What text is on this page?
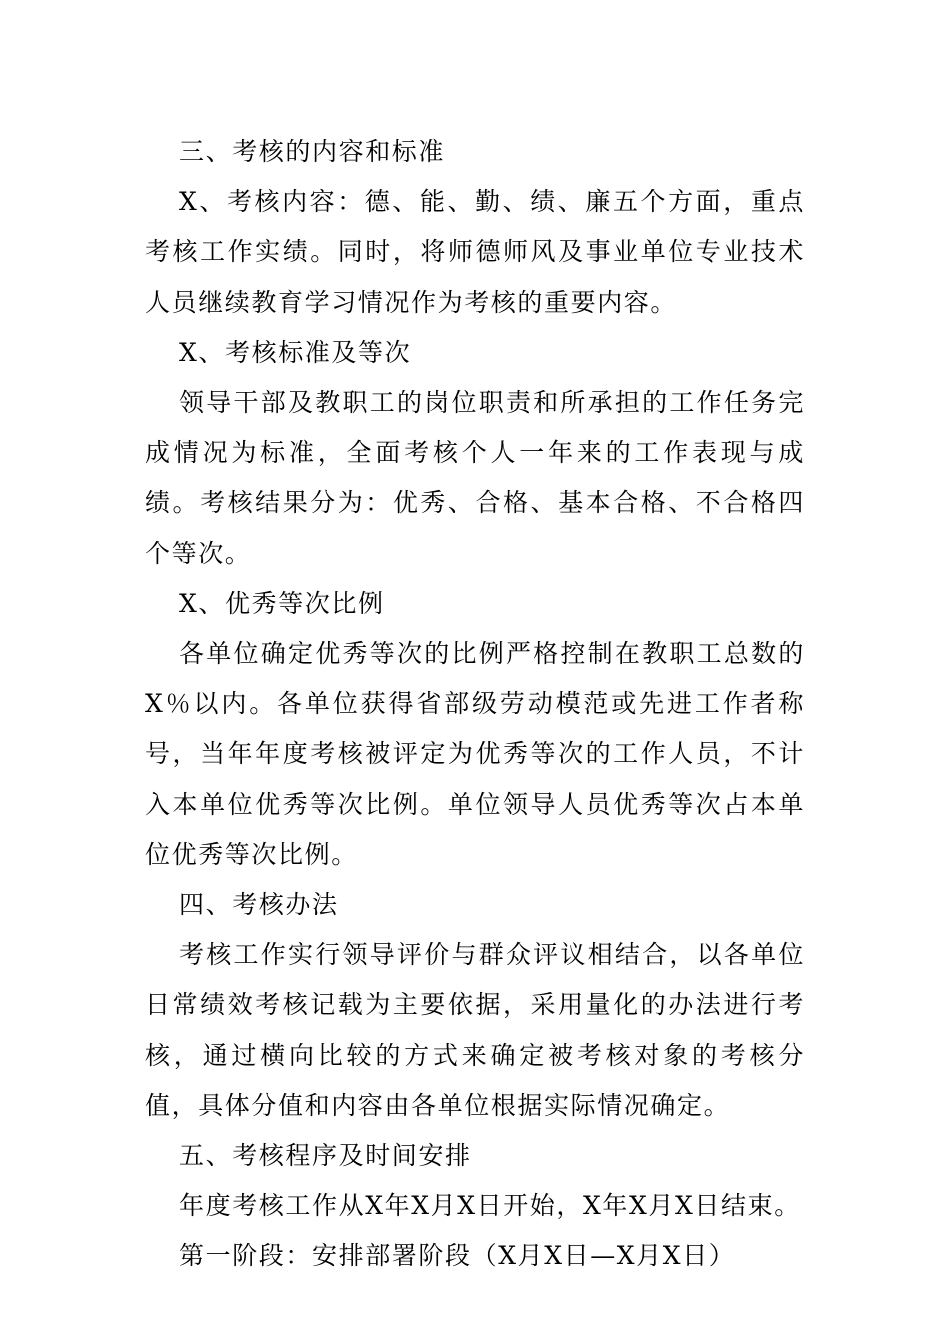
三、考核的内容和标准

X、考核内容：德、能、勤、绩、廉五个方面，重点考核工作实绩。同时，将师德师风及事业单位专业技术人员继续教育学习情况作为考核的重要内容。

X、考核标准及等次

领导干部及教职工的岗位职责和所承担的工作任务完成情况为标准，全面考核个人一年来的工作表现与成绩。考核结果分为：优秀、合格、基本合格、不合格四个等次。

X、优秀等次比例

各单位确定优秀等次的比例严格控制在教职工总数的X％以内。各单位获得省部级劳动模范或先进工作者称号，当年年度考核被评定为优秀等次的工作人员，不计入本单位优秀等次比例。单位领导人员优秀等次占本单位优秀等次比例。

四、考核办法

考核工作实行领导评价与群众评议相结合，以各单位日常绩效考核记载为主要依据，采用量化的办法进行考核，通过横向比较的方式来确定被考核对象的考核分值，具体分值和内容由各单位根据实际情况确定。

五、考核程序及时间安排

年度考核工作从X年X月X日开始，X年X月X日结束。

第一阶段：安排部署阶段（X月X日—X月X日）
